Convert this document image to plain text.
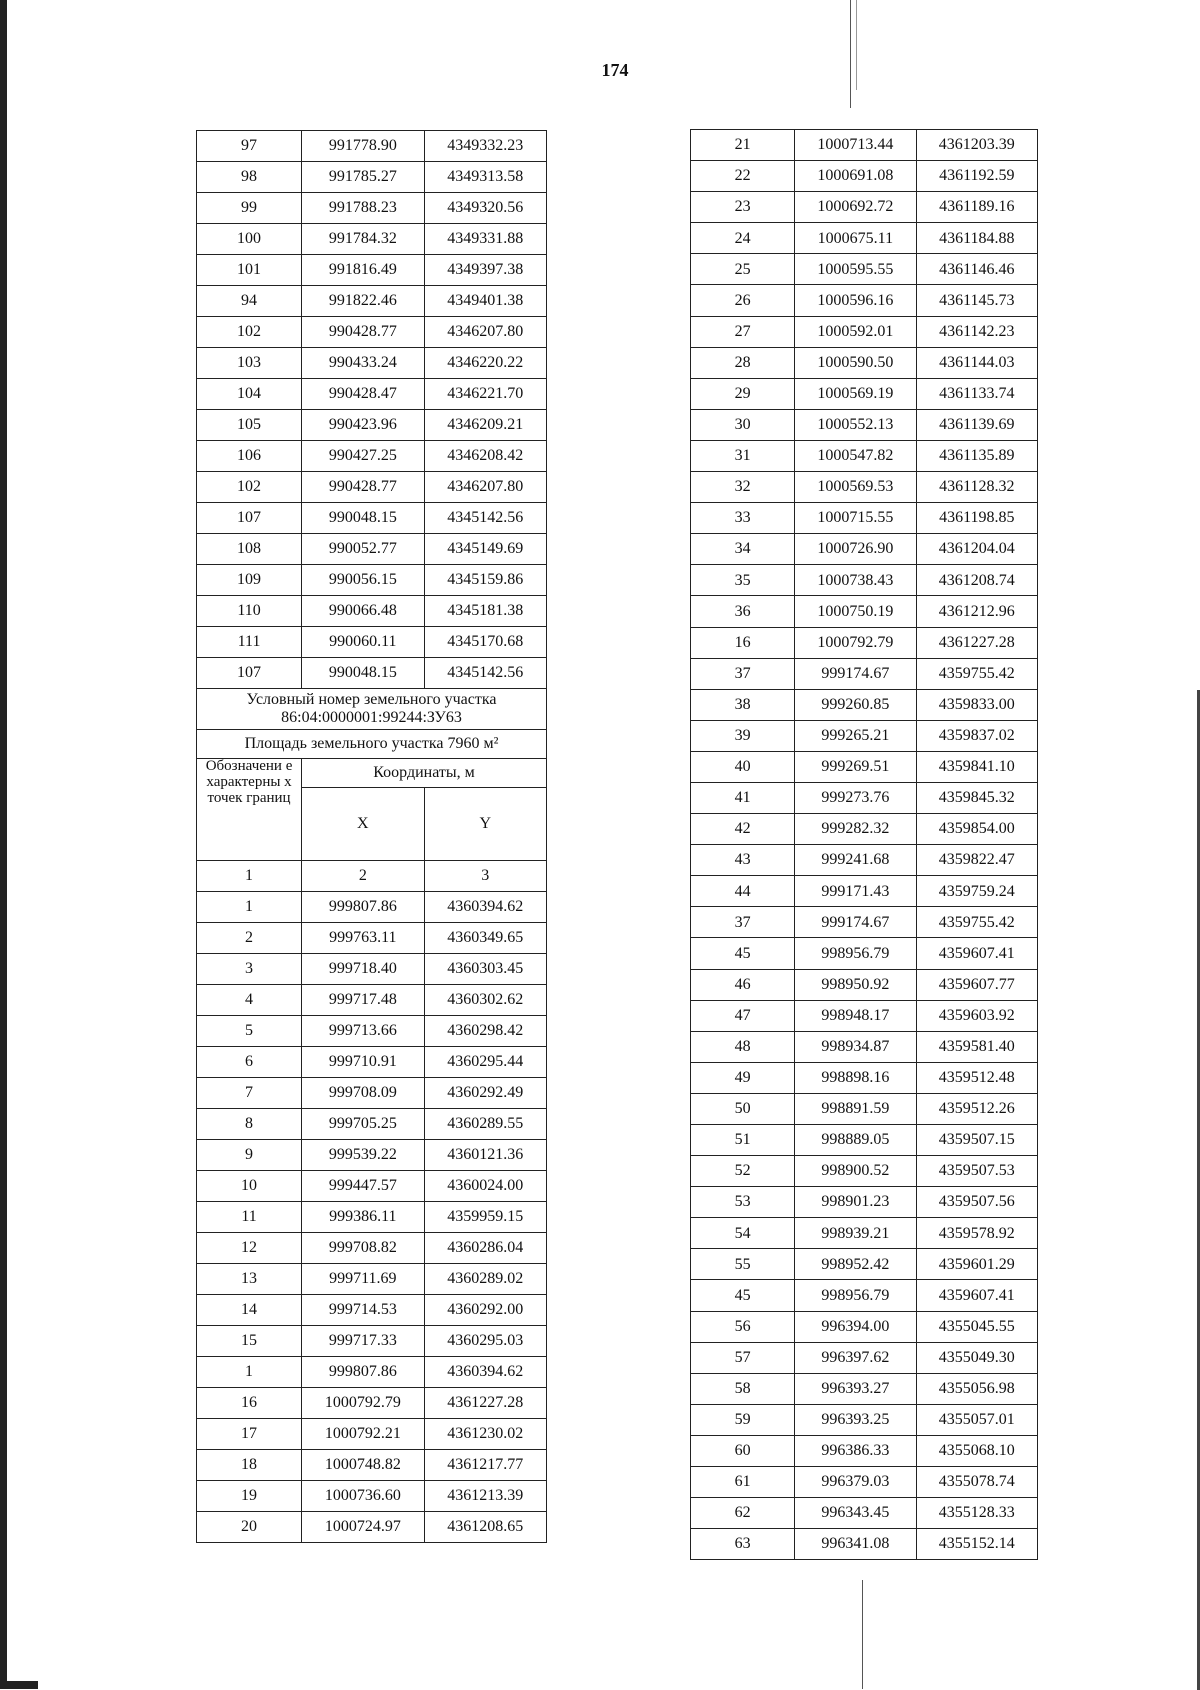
174
97	991778.90	4349332.23
98	991785.27	4349313.58
99	991788.23	4349320.56
100	991784.32	4349331.88
101	991816.49	4349397.38
94	991822.46	4349401.38
102	990428.77	4346207.80
103	990433.24	4346220.22
104	990428.47	4346221.70
105	990423.96	4346209.21
106	990427.25	4346208.42
102	990428.77	4346207.80
107	990048.15	4345142.56
108	990052.77	4345149.69
109	990056.15	4345159.86
110	990066.48	4345181.38
111	990060.11	4345170.68
107	990048.15	4345142.56
Условный номер земельного участка
86:04:0000001:99244:ЗУ63		
Площадь земельного участка 7960 м²		
Обозначени е характерны х точек границ	Координаты, м	
	X	Y
1	2	3
1	999807.86	4360394.62
2	999763.11	4360349.65
3	999718.40	4360303.45
4	999717.48	4360302.62
5	999713.66	4360298.42
6	999710.91	4360295.44
7	999708.09	4360292.49
8	999705.25	4360289.55
9	999539.22	4360121.36
10	999447.57	4360024.00
11	999386.11	4359959.15
12	999708.82	4360286.04
13	999711.69	4360289.02
14	999714.53	4360292.00
15	999717.33	4360295.03
1	999807.86	4360394.62
16	1000792.79	4361227.28
17	1000792.21	4361230.02
18	1000748.82	4361217.77
19	1000736.60	4361213.39
20	1000724.97	4361208.65
21	1000713.44	4361203.39
22	1000691.08	4361192.59
23	1000692.72	4361189.16
24	1000675.11	4361184.88
25	1000595.55	4361146.46
26	1000596.16	4361145.73
27	1000592.01	4361142.23
28	1000590.50	4361144.03
29	1000569.19	4361133.74
30	1000552.13	4361139.69
31	1000547.82	4361135.89
32	1000569.53	4361128.32
33	1000715.55	4361198.85
34	1000726.90	4361204.04
35	1000738.43	4361208.74
36	1000750.19	4361212.96
16	1000792.79	4361227.28
37	999174.67	4359755.42
38	999260.85	4359833.00
39	999265.21	4359837.02
40	999269.51	4359841.10
41	999273.76	4359845.32
42	999282.32	4359854.00
43	999241.68	4359822.47
44	999171.43	4359759.24
37	999174.67	4359755.42
45	998956.79	4359607.41
46	998950.92	4359607.77
47	998948.17	4359603.92
48	998934.87	4359581.40
49	998898.16	4359512.48
50	998891.59	4359512.26
51	998889.05	4359507.15
52	998900.52	4359507.53
53	998901.23	4359507.56
54	998939.21	4359578.92
55	998952.42	4359601.29
45	998956.79	4359607.41
56	996394.00	4355045.55
57	996397.62	4355049.30
58	996393.27	4355056.98
59	996393.25	4355057.01
60	996386.33	4355068.10
61	996379.03	4355078.74
62	996343.45	4355128.33
63	996341.08	4355152.14
